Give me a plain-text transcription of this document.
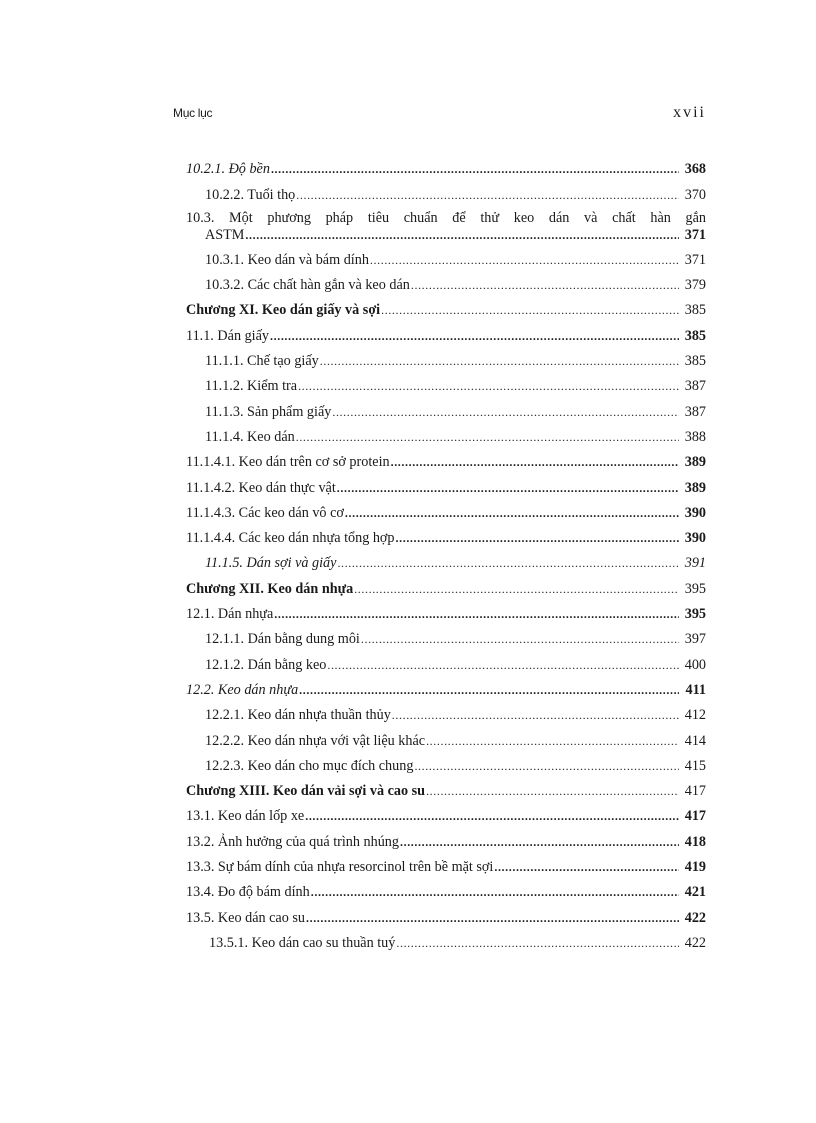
Mục lục	xvii
10.2.1. Độ bền .....	368
10.2.2. Tuổi thọ .....	370
10.3. Một phương pháp tiêu chuẩn để thử keo dán và chất hàn gắn
ASTM .....	371
10.3.1. Keo dán và bám dính .....	371
10.3.2. Các chất hàn gắn và keo dán .....	379
Chương XI. Keo dán giấy và sợi .....	385
11.1. Dán giấy .....	385
11.1.1. Chế tạo giấy .....	385
11.1.2. Kiểm tra .....	387
11.1.3. Sản phẩm giấy .....	387
11.1.4. Keo dán .....	388
11.1.4.1. Keo dán trên cơ sở protein .....	389
11.1.4.2. Keo dán thực vật .....	389
11.1.4.3. Các keo dán vô cơ .....	390
11.1.4.4. Các keo dán nhựa tổng hợp .....	390
11.1.5. Dán sợi và giấy .....	391
Chương XII. Keo dán nhựa .....	395
12.1. Dán nhựa .....	395
12.1.1. Dán bằng dung môi .....	397
12.1.2. Dán bằng keo .....	400
12.2. Keo dán nhựa .....	411
12.2.1. Keo dán nhựa thuần thủy .....	412
12.2.2. Keo dán nhựa với vật liệu khác .....	414
12.2.3. Keo dán cho mục đích chung .....	415
Chương XIII. Keo dán vải sợi và cao su .....	417
13.1. Keo dán lốp xe .....	417
13.2. Ảnh hưởng của quá trình nhúng .....	418
13.3. Sự bám dính của nhựa resorcinol trên bề mặt sợi .....	419
13.4. Đo độ bám dính .....	421
13.5. Keo dán cao su .....	422
13.5.1. Keo dán cao su thuần tuý .....	422
